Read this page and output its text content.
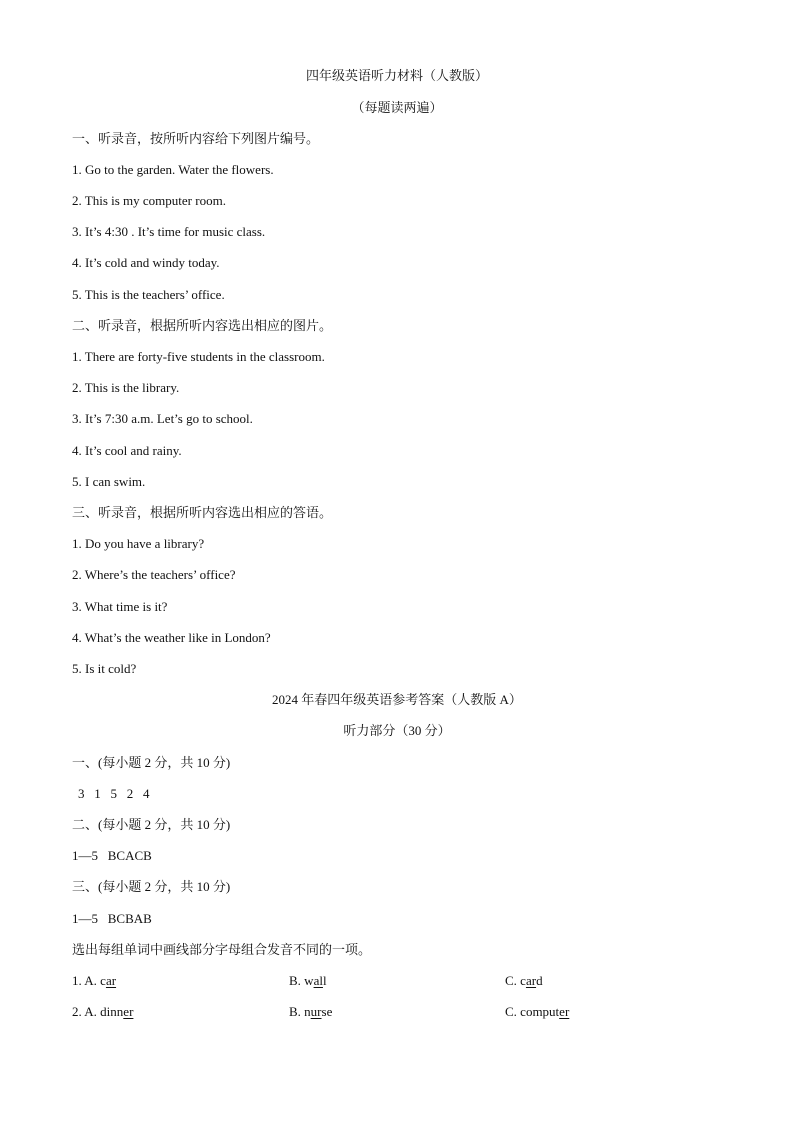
四年级英语听力材料（人教版）
（每题读两遍）
一、听录音，按所听内容给下列图片编号。
1. Go to the garden. Water the flowers.
2. This is my computer room.
3. It’s 4:30 . It’s time for music class.
4. It’s cold and windy today.
5. This is the teachers’ office.
二、听录音，根据所听内容选出相应的图片。
1. There are forty-five students in the classroom.
2. This is the library.
3. It’s 7:30 a.m. Let’s go to school.
4. It’s cool and rainy.
5. I can swim.
三、听录音，根据所听内容选出相应的答语。
1. Do you have a library?
2. Where’s the teachers’ office?
3. What time is it?
4. What’s the weather like in London?
5. Is it cold?
2024 年春四年级英语参考答案（人教版 A）
听力部分（30 分）
一、(每小题 2 分，共 10 分)
3   1   5   2   4
二、(每小题 2 分，共 10 分)
1—5   BCACB
三、(每小题 2 分，共 10 分)
1—5   BCBAB
选出每组单词中画线部分字母组合发音不同的一项。
1. A. car	B. wall	C. card
2. A. dinner	B. nurse	C. computer
